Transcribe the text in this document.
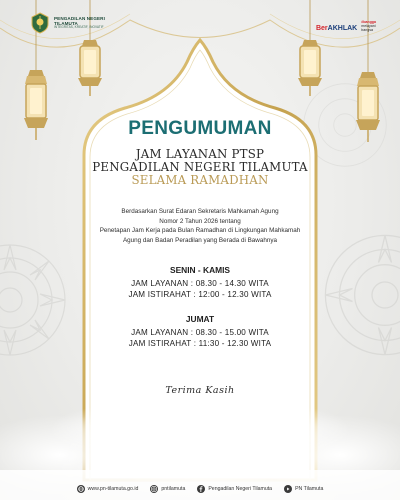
PENGADILAN NEGERI
TILAMUTA
INTEGRITAS, KREATIF, INOVATIF	BerAKHLAK
#bangga
melayani
bangsa
PENGUMUMAN
JAM LAYANAN PTSP
PENGADILAN NEGERI TILAMUTA
SELAMA RAMADHAN
Berdasarkan Surat Edaran Sekretaris Mahkamah Agung
Nomor 2 Tahun 2026 tentang
Penetapan Jam Kerja pada Bulan Ramadhan di Lingkungan Mahkamah
Agung dan Badan Peradilan yang Berada di Bawahnya
SENIN - KAMIS
JAM LAYANAN : 08.30 - 14.30 WITA
JAM ISTIRAHAT : 12:00 - 12.30 WITA
JUMAT
JAM LAYANAN : 08.30 - 15.00 WITA
JAM ISTIRAHAT : 11:30 - 12.30 WITA
Terima Kasih
www.pn-tilamuta.go.id	pntilamuta	Pengadilan Negeri Tilamuta	PN Tilamuta
